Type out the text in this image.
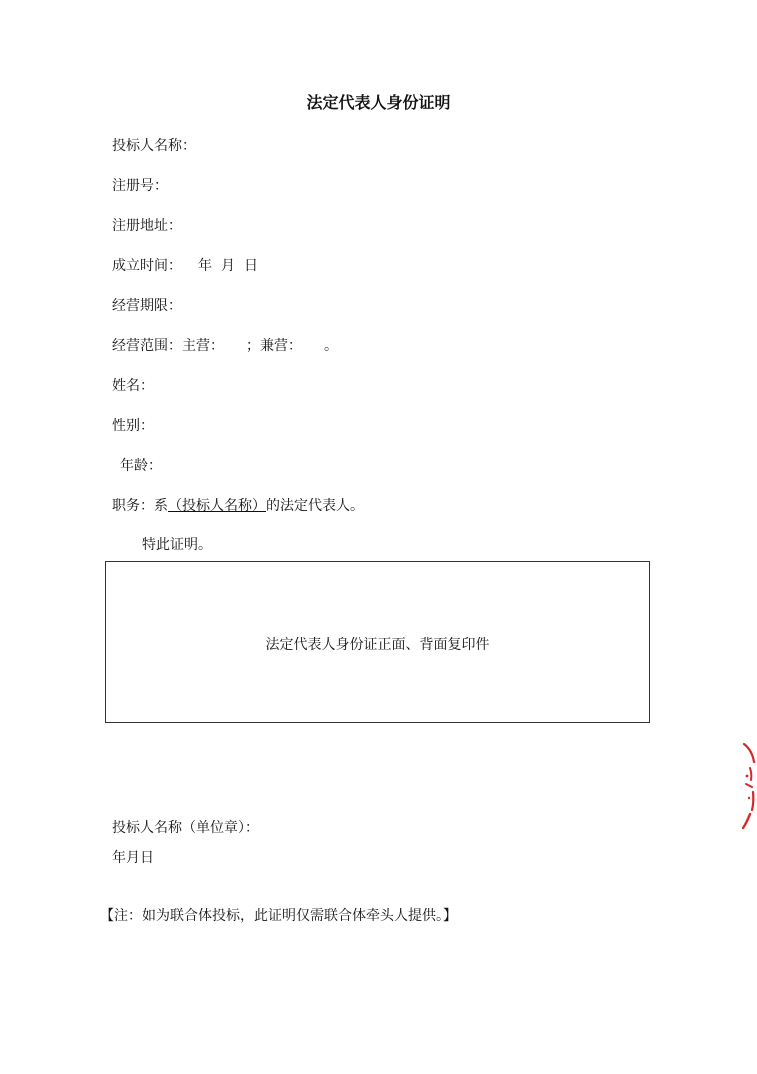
法定代表人身份证明
投标人名称：
注册号：
注册地址：
成立时间： 年 月 日
经营期限：
经营范围：主营： ；兼营： 。
姓名：
性别：
年龄：
职务：系（投标人名称）的法定代表人。
特此证明。
法定代表人身份证正面、背面复印件
投标人名称（单位章）：
年月日
【注：如为联合体投标，此证明仅需联合体牵头人提供。】
